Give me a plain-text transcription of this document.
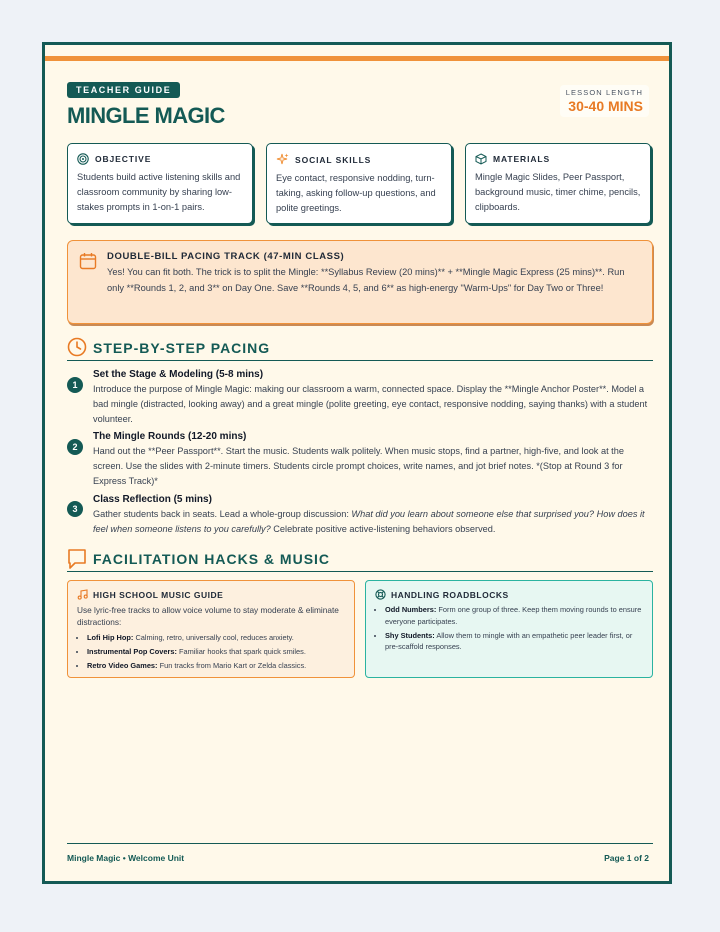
TEACHER GUIDE
MINGLE MAGIC
LESSON LENGTH
30-40 MINS
OBJECTIVE
Students build active listening skills and classroom community by sharing low-stakes prompts in 1-on-1 pairs.
SOCIAL SKILLS
Eye contact, responsive nodding, turn-taking, asking follow-up questions, and polite greetings.
MATERIALS
Mingle Magic Slides, Peer Passport, background music, timer chime, pencils, clipboards.
DOUBLE-BILL PACING TRACK (47-MIN CLASS)
Yes! You can fit both. The trick is to split the Mingle: **Syllabus Review (20 mins)** + **Mingle Magic Express (25 mins)**. Run only **Rounds 1, 2, and 3** on Day One. Save **Rounds 4, 5, and 6** as high-energy "Warm-Ups" for Day Two or Three!
STEP-BY-STEP PACING
1
Set the Stage & Modeling (5-8 mins)
Introduce the purpose of Mingle Magic: making our classroom a warm, connected space. Display the **Mingle Anchor Poster**. Model a bad mingle (distracted, looking away) and a great mingle (polite greeting, eye contact, responsive nodding, saying thanks) with a student volunteer.
2
The Mingle Rounds (12-20 mins)
Hand out the **Peer Passport**. Start the music. Students walk politely. When music stops, find a partner, high-five, and look at the screen. Use the slides with 2-minute timers. Students circle prompt choices, write names, and jot brief notes. *(Stop at Round 3 for Express Track)*
3
Class Reflection (5 mins)
Gather students back in seats. Lead a whole-group discussion: What did you learn about someone else that surprised you? How does it feel when someone listens to you carefully? Celebrate positive active-listening behaviors observed.
FACILITATION HACKS & MUSIC
HIGH SCHOOL MUSIC GUIDE
Use lyric-free tracks to allow voice volume to stay moderate & eliminate distractions:
• Lofi Hip Hop: Calming, retro, universally cool, reduces anxiety.
• Instrumental Pop Covers: Familiar hooks that spark quick smiles.
• Retro Video Games: Fun tracks from Mario Kart or Zelda classics.
HANDLING ROADBLOCKS
• Odd Numbers: Form one group of three. Keep them moving rounds to ensure everyone participates.
• Shy Students: Allow them to mingle with an empathetic peer leader first, or pre-scaffold responses.
Mingle Magic • Welcome Unit	Page 1 of 2
